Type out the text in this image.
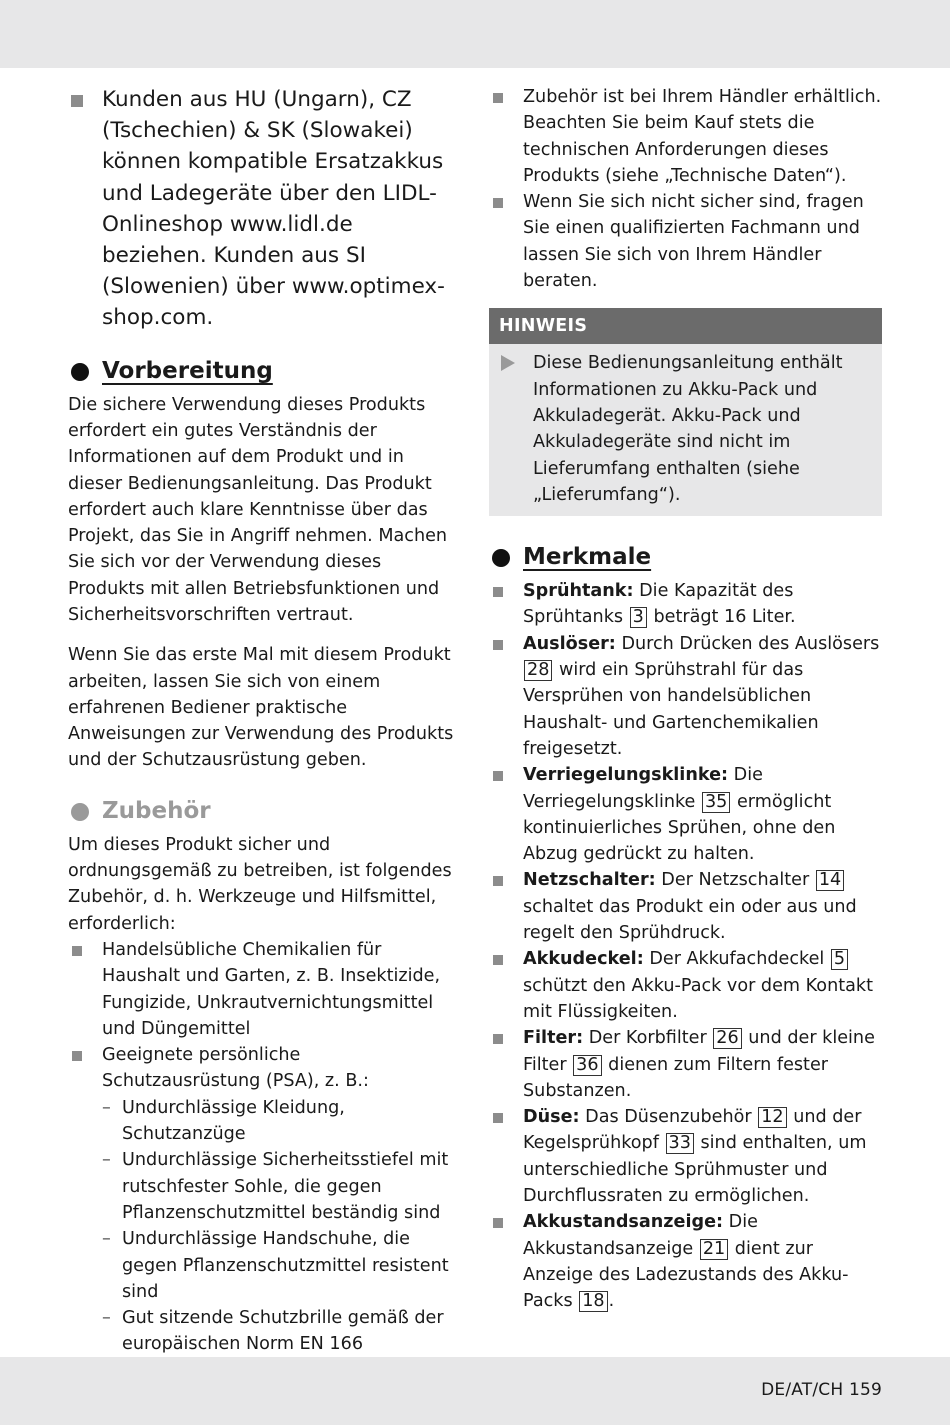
Kunden aus HU (Ungarn), CZ (Tschechien) & SK (Slowakei) können kompatible Ersatzakkus und Ladegeräte über den LIDL-Onlineshop www.lidl.de beziehen. Kunden aus SI (Slowenien) über www.optimex-shop.com.
Vorbereitung

Die sichere Verwendung dieses Produkts erfordert ein gutes Verständnis der Informationen auf dem Produkt und in dieser Bedienungsanleitung. Das Produkt erfordert auch klare Kenntnisse über das Projekt, das Sie in Angriff nehmen. Machen Sie sich vor der Verwendung dieses Produkts mit allen Betriebsfunktionen und Sicherheitsvorschriften vertraut.

Wenn Sie das erste Mal mit diesem Produkt arbeiten, lassen Sie sich von einem erfahrenen Bediener praktische Anweisungen zur Verwendung des Produkts und der Schutzausrüstung geben.

Zubehör

Um dieses Produkt sicher und ordnungsgemäß zu betreiben, ist folgendes Zubehör, d. h. Werkzeuge und Hilfsmittel, erforderlich:

Handelsübliche Chemikalien für Haushalt und Garten, z. B. Insektizide, Fungizide, Unkrautvernichtungsmittel und Düngemittel
Geeignete persönliche Schutzausrüstung (PSA), z. B.:
– Undurchlässige Kleidung, Schutzanzüge
– Undurchlässige Sicherheitsstiefel mit rutschfester Sohle, die gegen Pflanzenschutzmittel beständig sind
– Undurchlässige Handschuhe, die gegen Pflanzenschutzmittel resistent sind
– Gut sitzende Schutzbrille gemäß der europäischen Norm EN 166
Zubehör ist bei Ihrem Händler erhältlich. Beachten Sie beim Kauf stets die technischen Anforderungen dieses Produkts (siehe „Technische Daten“).
Wenn Sie sich nicht sicher sind, fragen Sie einen qualifizierten Fachmann und lassen Sie sich von Ihrem Händler beraten.
HINWEIS
Diese Bedienungsanleitung enthält Informationen zu Akku-Pack und Akkuladegerät. Akku-Pack und Akkuladegeräte sind nicht im Lieferumfang enthalten (siehe „Lieferumfang“).
Merkmale
Sprühtank: Die Kapazität des Sprühtanks 3 beträgt 16 Liter.
Auslöser: Durch Drücken des Auslösers 28 wird ein Sprühstrahl für das Versprühen von handelsüblichen Haushalt- und Gartenchemikalien freigesetzt.
Verriegelungsklinke: Die Verriegelungsklinke 35 ermöglicht kontinuierliches Sprühen, ohne den Abzug gedrückt zu halten.
Netzschalter: Der Netzschalter 14 schaltet das Produkt ein oder aus und regelt den Sprühdruck.
Akkudeckel: Der Akkufachdeckel 5 schützt den Akku-Pack vor dem Kontakt mit Flüssigkeiten.
Filter: Der Korbfilter 26 und der kleine Filter 36 dienen zum Filtern fester Substanzen.
Düse: Das Düsenzubehör 12 und der Kegelsprühkopf 33 sind enthalten, um unterschiedliche Sprühmuster und Durchflussraten zu ermöglichen.
Akkustandsanzeige: Die Akkustandsanzeige 21 dient zur Anzeige des Ladezustands des Akku-Packs 18 .
DE/AT/CH 159
